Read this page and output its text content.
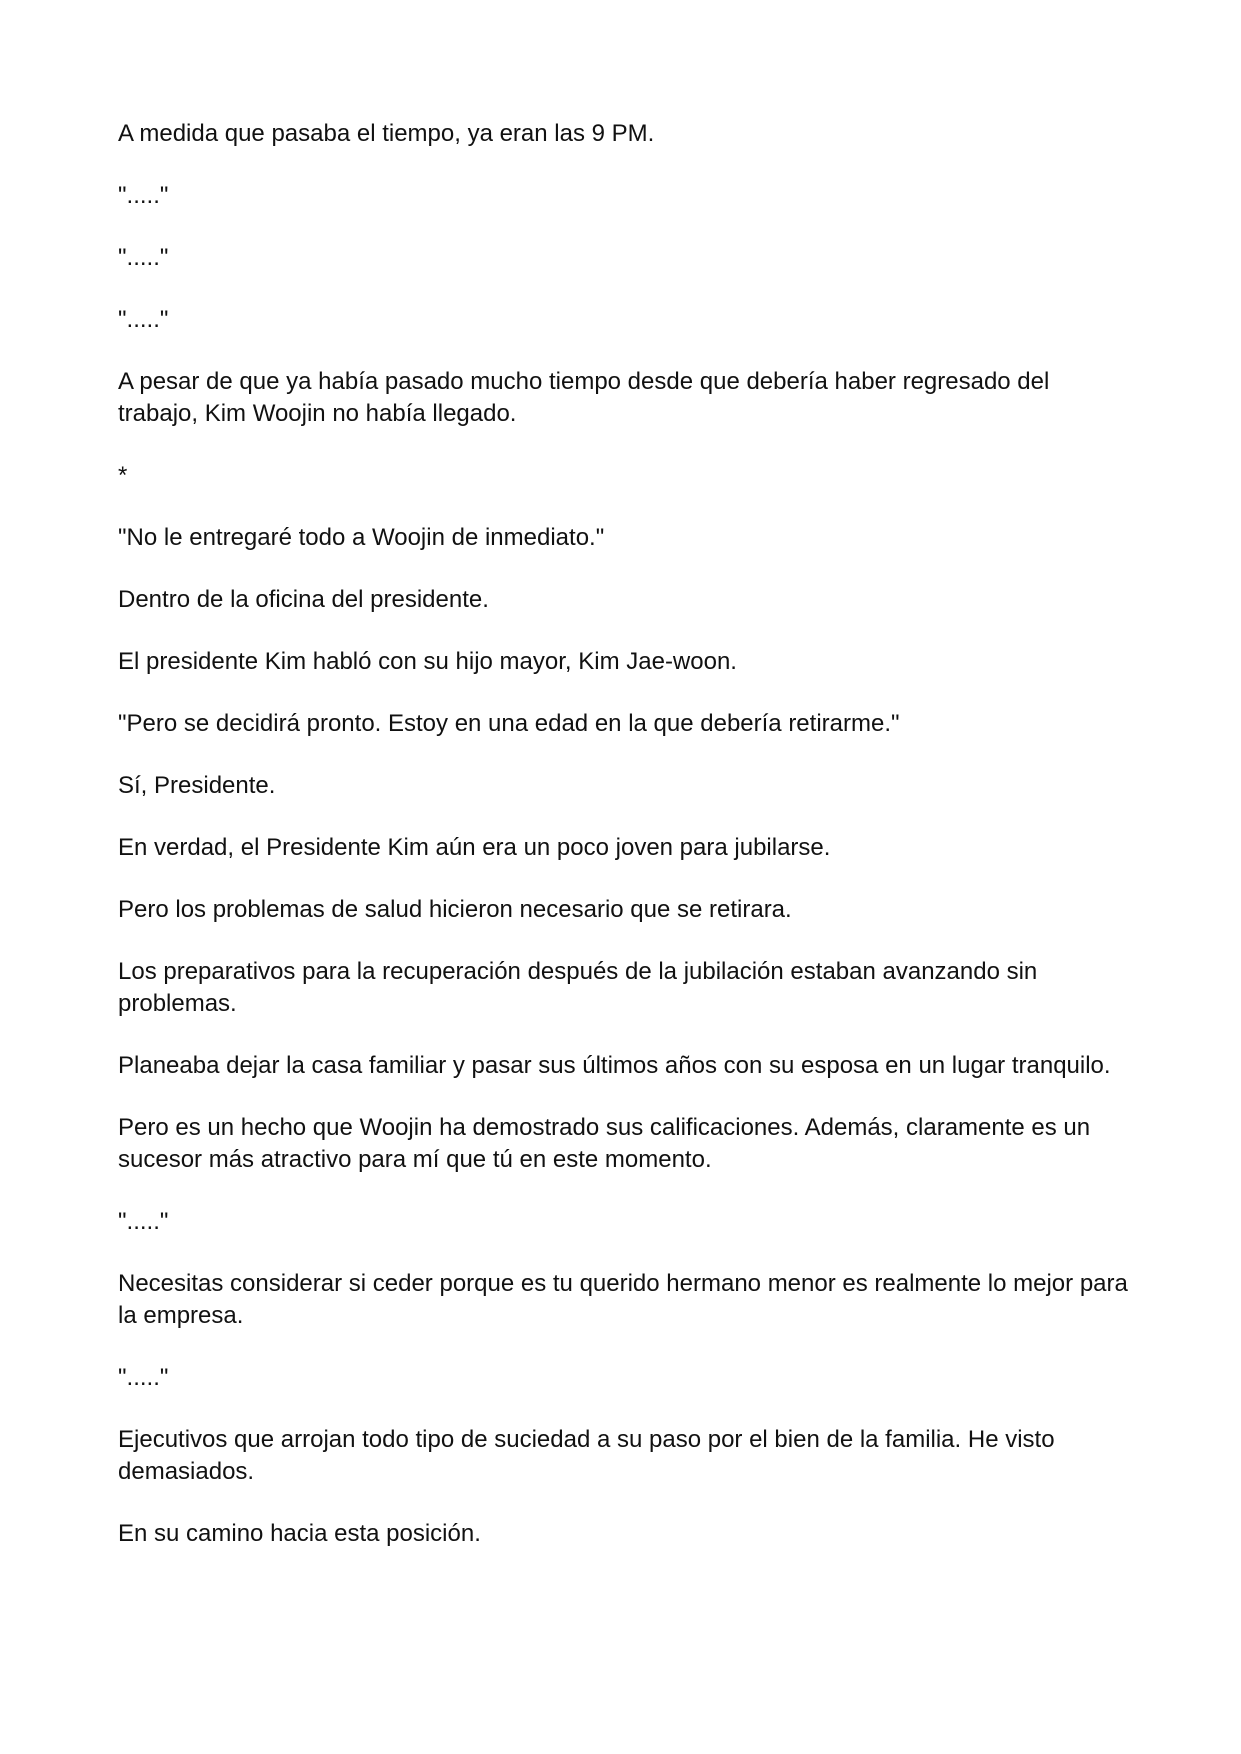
A medida que pasaba el tiempo, ya eran las 9 PM.

"....."

"....."

"....."

A pesar de que ya había pasado mucho tiempo desde que debería haber regresado del trabajo, Kim Woojin no había llegado.

*

"No le entregaré todo a Woojin de inmediato."

Dentro de la oficina del presidente.

El presidente Kim habló con su hijo mayor, Kim Jae-woon.

"Pero se decidirá pronto. Estoy en una edad en la que debería retirarme."

Sí, Presidente.

En verdad, el Presidente Kim aún era un poco joven para jubilarse.

Pero los problemas de salud hicieron necesario que se retirara.

Los preparativos para la recuperación después de la jubilación estaban avanzando sin problemas.

Planeaba dejar la casa familiar y pasar sus últimos años con su esposa en un lugar tranquilo.

Pero es un hecho que Woojin ha demostrado sus calificaciones. Además, claramente es un sucesor más atractivo para mí que tú en este momento.

"....."

Necesitas considerar si ceder porque es tu querido hermano menor es realmente lo mejor para la empresa.

"....."

Ejecutivos que arrojan todo tipo de suciedad a su paso por el bien de la familia. He visto demasiados.

En su camino hacia esta posición.
